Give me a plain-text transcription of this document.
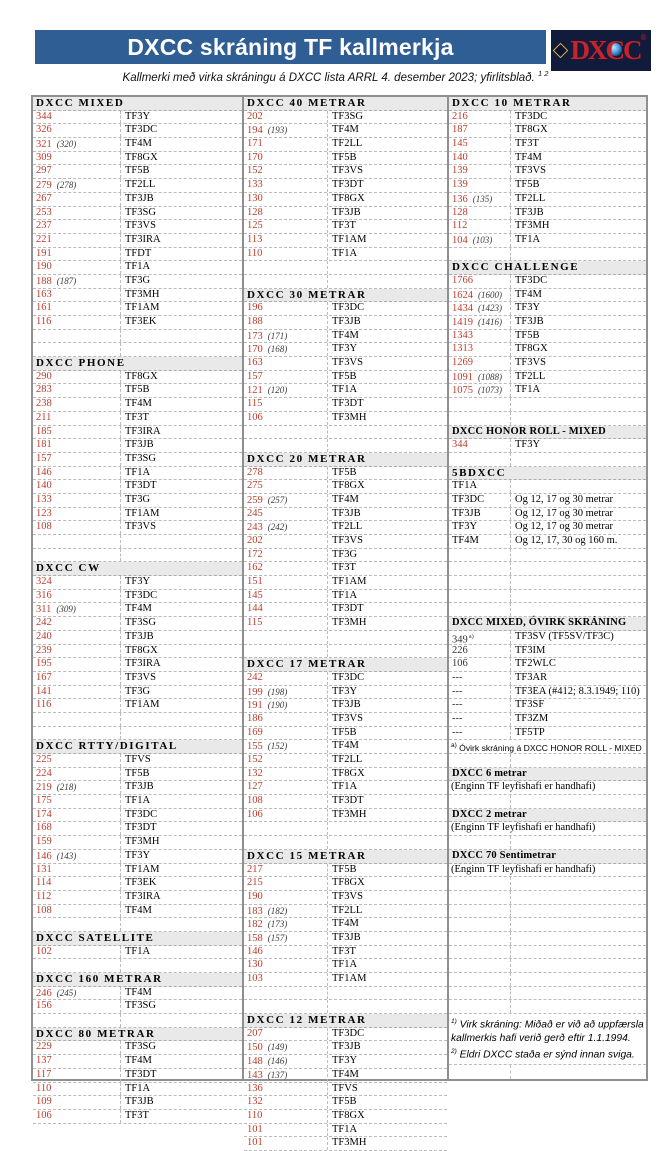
DXCC skráning TF kallmerkja	DX
CC ®
Kallmerki með virka skráningu á DXCC lista ARRL 4. desember 2023; yfirlitsblað. $^{1 2}$
DXCC MIXED
344	TF3Y
326	TF3DC
321 (320)	TF4M
309	TF8GX
297	TF5B
279 (278)	TF2LL
267	TF3JB
253	TF3SG
237	TF3VS
221	TF3IRA
191	TFDT
190	TF1A
188 (187)	TF3G
163	TF3MH
161	TF1AM
116	TF3EK
DXCC PHONE
290	TF8GX
283	TF5B
238	TF4M
211	TF3T
185	TF3IRA
181	TF3JB
157	TF3SG
146	TF1A
140	TF3DT
133	TF3G
123	TF1AM
108	TF3VS
DXCC CW
324	TF3Y
316	TF3DC
311 (309)	TF4M
242	TF3SG
240	TF3JB
239	TF8GX
195	TF3IRA
167	TF3VS
141	TF3G
116	TF1AM
DXCC RTTY/DIGITAL
225	TFVS
224	TF5B
219 (218)	TF3JB
175	TF1A
174	TF3DC
168	TF3DT
159	TF3MH
146 (143)	TF3Y
131	TF1AM
114	TF3EK
112	TF3IRA
108	TF4M
DXCC SATELLITE
102	TF1A
DXCC 160 METRAR
246 (245)	TF4M
156	TF3SG
DXCC 80 METRAR
229	TF3SG
137	TF4M
117	TF3DT
110	TF1A
109	TF3JB
106	TF3T
DXCC 40 METRAR
202	TF3SG
194 (193)	TF4M
171	TF2LL
170	TF5B
152	TF3VS
133	TF3DT
130	TF8GX
128	TF3JB
125	TF3T
113	TF1AM
110	TF1A
DXCC 30 METRAR
196	TF3DC
188	TF3JB
173 (171)	TF4M
170 (168)	TF3Y
163	TF3VS
157	TF5B
121 (120)	TF1A
115	TF3DT
106	TF3MH
DXCC 20 METRAR
278	TF5B
275	TF8GX
259 (257)	TF4M
245	TF3JB
243 (242)	TF2LL
202	TF3VS
172	TF3G
162	TF3T
151	TF1AM
145	TF1A
144	TF3DT
115	TF3MH
DXCC 17 METRAR
242	TF3DC
199 (198)	TF3Y
191 (190)	TF3JB
186	TF3VS
169	TF5B
155 (152)	TF4M
152	TF2LL
132	TF8GX
127	TF1A
108	TF3DT
106	TF3MH
DXCC 15 METRAR
217	TF5B
215	TF8GX
190	TF3VS
183 (182)	TF2LL
182 (173)	TF4M
158 (157)	TF3JB
146	TF3T
130	TF1A
103	TF1AM
DXCC 12 METRAR
207	TF3DC
150 (149)	TF3JB
148 (146)	TF3Y
143 (137)	TF4M
136	TFVS
132	TF5B
110	TF8GX
101	TF1A
101	TF3MH
DXCC 10 METRAR
216	TF3DC
187	TF8GX
145	TF3T
140	TF4M
139	TF3VS
139	TF5B
136 (135)	TF2LL
128	TF3JB
112	TF3MH
104 (103)	TF1A
DXCC CHALLENGE
1766	TF3DC
1624 (1600)	TF4M
1434 (1423)	TF3Y
1419 (1416)	TF3JB
1343	TF5B
1313	TF8GX
1269	TF3VS
1091 (1088)	TF2LL
1075 (1073)	TF1A
DXCC HONOR ROLL - MIXED
344	TF3Y
5BDXCC
TF1A
TF3DC	Og 12, 17 og 30 metrar
TF3JB	Og 12, 17 og 30 metrar
TF3Y	Og 12, 17 og 30 metrar
TF4M	Og 12, 17, 30 og 160 m.
DXCC MIXED, ÓVIRK SKRÁNING
349$^{a)}$	TF3SV (TF5SV/TF3C)
226	TF3IM
106	TF2WLC
---	TF3AR
---	TF3EA (#412; 8.3.1949; 110)
---	TF3SF
---	TF3ZM
---	TF5TP
$^{a)}$ Óvirk skráning á DXCC HONOR ROLL - MIXED
DXCC 6 metrar
(Enginn TF leyfishafi er handhafi)
DXCC 2 metrar
(Enginn TF leyfishafi er handhafi)
DXCC 70 Sentimetrar
(Enginn TF leyfishafi er handhafi)
$^{1)}$ Virk skráning: Miðað er við að uppfærsla kallmerkis hafi verið gerð eftir 1.1.1994.
$^{2)}$ Eldri DXCC staða er sýnd innan sviga.
